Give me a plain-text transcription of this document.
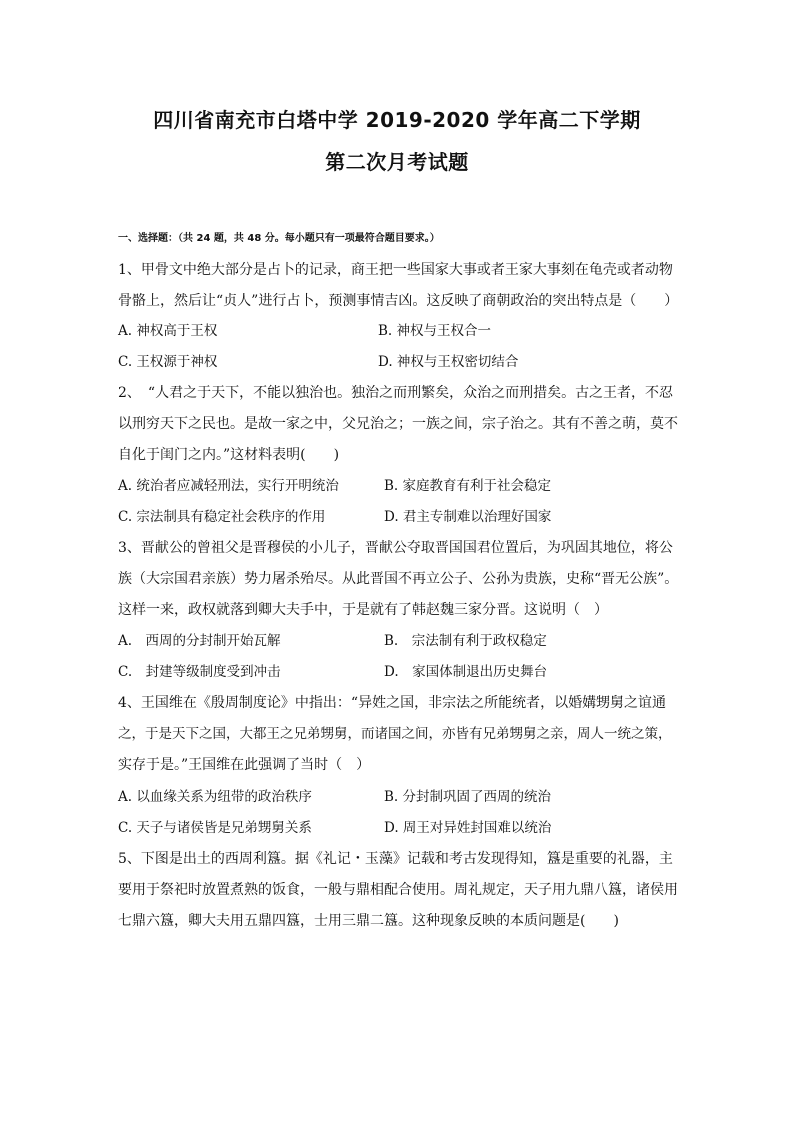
四川省南充市白塔中学 2019-2020 学年高二下学期
第二次月考试题
一、选择题：（共 24 题，共 48 分。每小题只有一项最符合题目要求。）
1、甲骨文中绝大部分是占卜的记录，商王把一些国家大事或者王家大事刻在龟壳或者动物
骨骼上，然后让“贞人”进行占卜，预测事情吉凶。这反映了商朝政治的突出特点是（　　）
A. 神权高于王权	B. 神权与王权合一
C. 王权源于神权	D. 神权与王权密切结合
2、　“人君之于天下，不能以独治也。独治之而刑繁矣，众治之而刑措矣。古之王者，不忍
以刑穷天下之民也。是故一家之中，父兄治之；一族之间，宗子治之。其有不善之萌，莫不
自化于闺门之内。”这材料表明(　　)
A. 统治者应减轻刑法，实行开明统治	B. 家庭教育有利于社会稳定
C. 宗法制具有稳定社会秩序的作用	D. 君主专制难以治理好国家
3、晋献公的曾祖父是晋穆侯的小儿子，晋献公夺取晋国国君位置后，为巩固其地位，将公
族（大宗国君亲族）势力屠杀殆尽。从此晋国不再立公子、公孙为贵族，史称“晋无公族”。
这样一来，政权就落到卿大夫手中，于是就有了韩赵魏三家分晋。这说明（　）
A.　西周的分封制开始瓦解	B.　宗法制有利于政权稳定
C.　封建等级制度受到冲击	D.　家国体制退出历史舞台
4、王国维在《殷周制度论》中指出：“异姓之国，非宗法之所能统者，以婚媾甥舅之谊通
之，于是天下之国，大都王之兄弟甥舅，而诸国之间，亦皆有兄弟甥舅之亲，周人一统之策，
实存于是。”王国维在此强调了当时（　）
A. 以血缘关系为纽带的政治秩序	B. 分封制巩固了西周的统治
C. 天子与诸侯皆是兄弟甥舅关系	D. 周王对异姓封国难以统治
5、下图是出土的西周利簋。据《礼记・玉藻》记载和考古发现得知，簋是重要的礼器，主
要用于祭祀时放置煮熟的饭食，一般与鼎相配合使用。周礼规定，天子用九鼎八簋，诸侯用
七鼎六簋，卿大夫用五鼎四簋，士用三鼎二簋。这种现象反映的本质问题是(　　)
